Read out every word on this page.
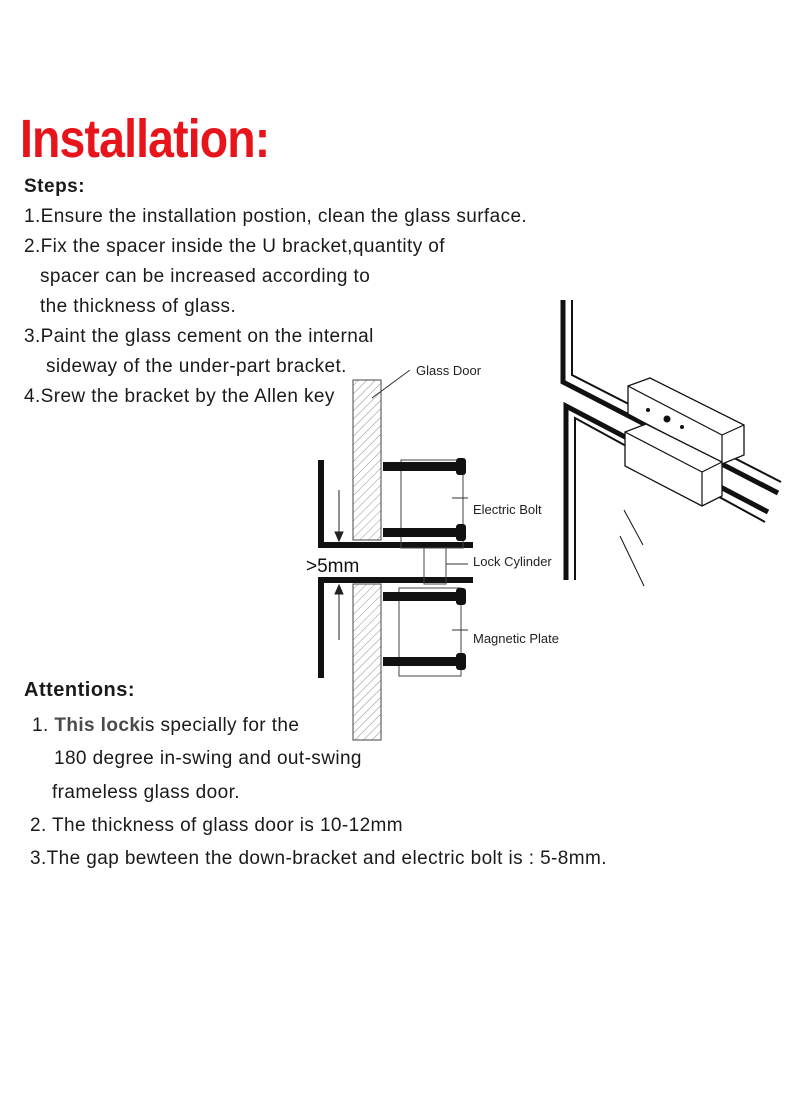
Installation:
Steps:
1.Ensure the installation postion, clean the glass surface.
2.Fix the spacer inside the U bracket,quantity of
spacer can be increased according to
the thickness of glass.
3.Paint the glass cement on the internal
sideway of the under-part bracket.
4.Srew the bracket by the Allen key
Glass Door
Electric Bolt
Lock Cylinder
Magnetic Plate
>5mm
Attentions:
1. This lockis specially for the
180 degree in-swing and out-swing
frameless glass door.
2. The thickness of glass door is 10-12mm
3.The gap bewteen the down-bracket and electric bolt is : 5-8mm.
